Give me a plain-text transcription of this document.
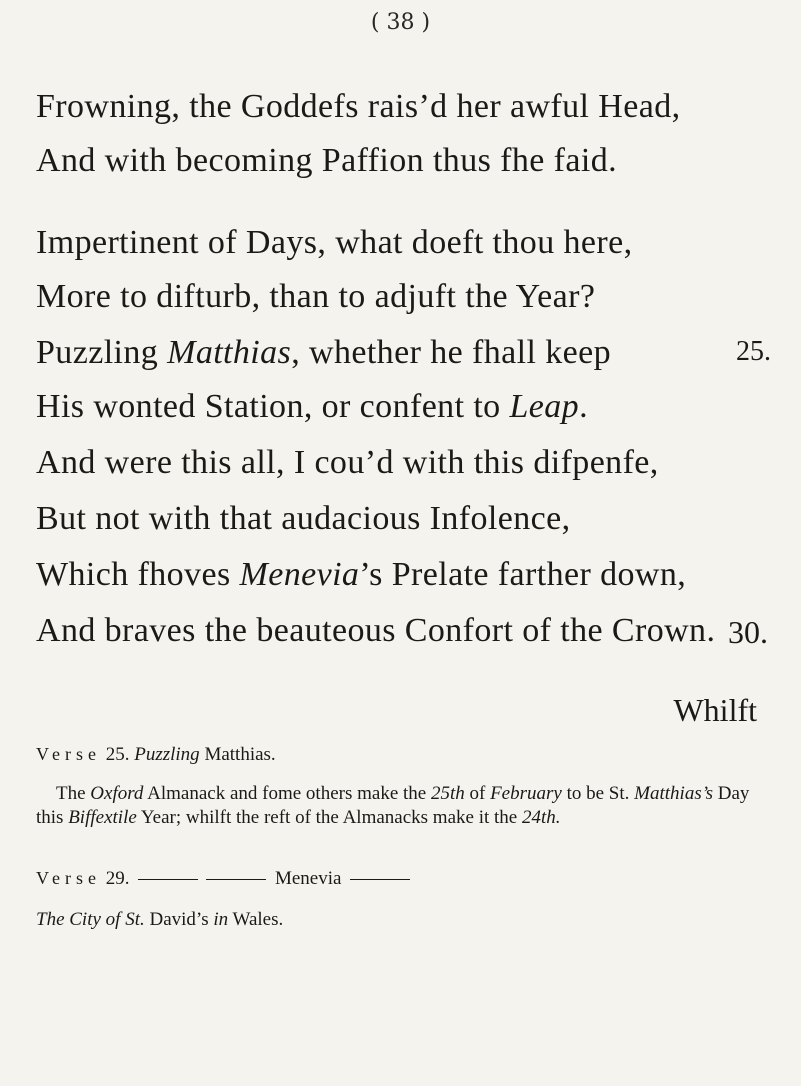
( 38 )
Frowning, the Goddefs rais’d her awful Head,
And with becoming Paffion thus fhe faid.
Impertinent of Days, what doeft thou here,
More to difturb, than to adjuft the Year?
Puzzling Matthias, whether he fhall keep	25.
His wonted Station, or confent to Leap.
And were this all, I cou’d with this difpenfe,
But not with that audacious Infolence,
Which fhoves Menevia’s Prelate farther down,
And braves the beauteous Confort of the Crown. 30.
Whilft
Verse 25. Puzzling Matthias.
The Oxford Almanack and fome others make the 25th of February to be St. Matthias’s Day this Biffextile Year; whilft the reft of the Almanacks make it the 24th.
Verse 29.	Menevia
The City of St. David’s in Wales.
